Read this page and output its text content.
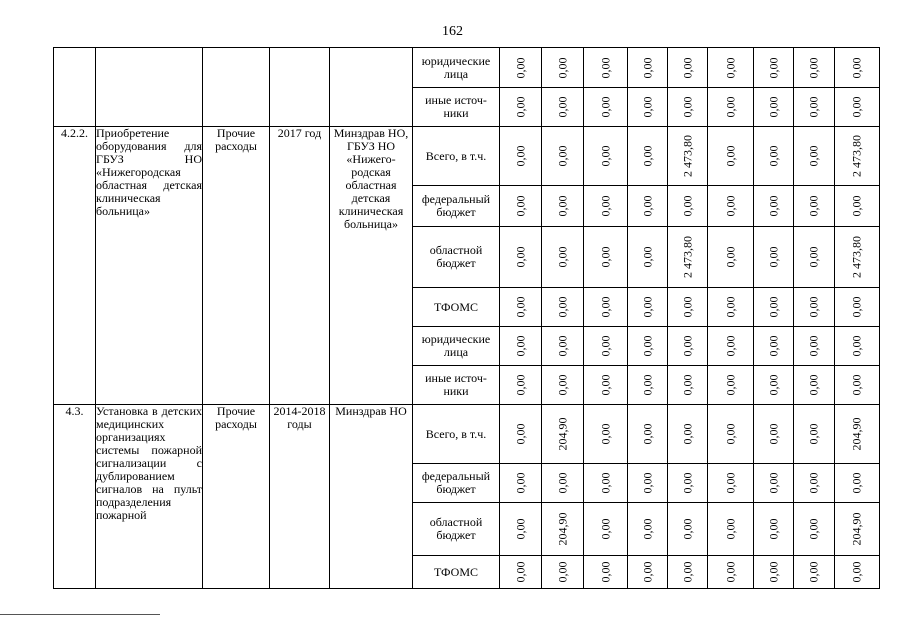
162
					юридические лица	0,00	0,00	0,00	0,00	0,00	0,00	0,00	0,00	0,00

					иные источ-ники	0,00	0,00	0,00	0,00	0,00	0,00	0,00	0,00	0,00

4.2.2.	Приобретение оборудования для ГБУЗ НО «Нижегородская областная детская клиническая больница»	Прочие расходы	2017 год	Минздрав НО, ГБУЗ НО «Нижего-родская областная детская клиническая больница»	Всего, в т.ч.	0,00	0,00	0,00	0,00	2 473,80	0,00	0,00	0,00	2 473,80

					федеральный бюджет	0,00	0,00	0,00	0,00	0,00	0,00	0,00	0,00	0,00

					областной бюджет	0,00	0,00	0,00	0,00	2 473,80	0,00	0,00	0,00	2 473,80

					ТФОМС	0,00	0,00	0,00	0,00	0,00	0,00	0,00	0,00	0,00

					юридические лица	0,00	0,00	0,00	0,00	0,00	0,00	0,00	0,00	0,00

					иные источ-ники	0,00	0,00	0,00	0,00	0,00	0,00	0,00	0,00	0,00

4.3.	Установка в детских медицинских организациях системы пожарной сигнализации с дублированием сигналов на пульт подразделения пожарной	Прочие расходы	2014-2018 годы	Минздрав НО	Всего, в т.ч.	0,00	204,90	0,00	0,00	0,00	0,00	0,00	0,00	204,90

					федеральный бюджет	0,00	0,00	0,00	0,00	0,00	0,00	0,00	0,00	0,00

					областной бюджет	0,00	204,90	0,00	0,00	0,00	0,00	0,00	0,00	204,90

					ТФОМС	0,00	0,00	0,00	0,00	0,00	0,00	0,00	0,00	0,00
